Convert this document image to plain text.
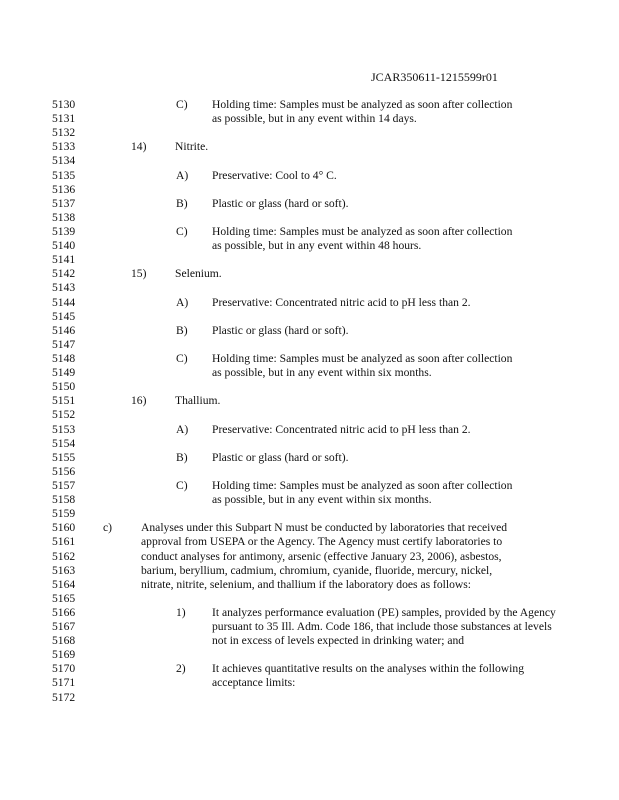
JCAR350611-1215599r01
5130	C) Holding time: Samples must be analyzed as soon after collection
5131	as possible, but in any event within 14 days.
5132
5133	14) Nitrite.
5134
5135	A) Preservative: Cool to 4° C.
5136
5137	B) Plastic or glass (hard or soft).
5138
5139	C) Holding time: Samples must be analyzed as soon after collection
5140	as possible, but in any event within 48 hours.
5141
5142	15) Selenium.
5143
5144	A) Preservative: Concentrated nitric acid to pH less than 2.
5145
5146	B) Plastic or glass (hard or soft).
5147
5148	C) Holding time: Samples must be analyzed as soon after collection
5149	as possible, but in any event within six months.
5150
5151	16) Thallium.
5152
5153	A) Preservative: Concentrated nitric acid to pH less than 2.
5154
5155	B) Plastic or glass (hard or soft).
5156
5157	C) Holding time: Samples must be analyzed as soon after collection
5158	as possible, but in any event within six months.
5159
5160 c) Analyses under this Subpart N must be conducted by laboratories that received
5161	approval from USEPA or the Agency. The Agency must certify laboratories to
5162	conduct analyses for antimony, arsenic (effective January 23, 2006), asbestos,
5163	barium, beryllium, cadmium, chromium, cyanide, fluoride, mercury, nickel,
5164	nitrate, nitrite, selenium, and thallium if the laboratory does as follows:
5165
5166	1) It analyzes performance evaluation (PE) samples, provided by the Agency
5167	pursuant to 35 Ill. Adm. Code 186, that include those substances at levels
5168	not in excess of levels expected in drinking water; and
5169
5170	2) It achieves quantitative results on the analyses within the following
5171	acceptance limits:
5172
